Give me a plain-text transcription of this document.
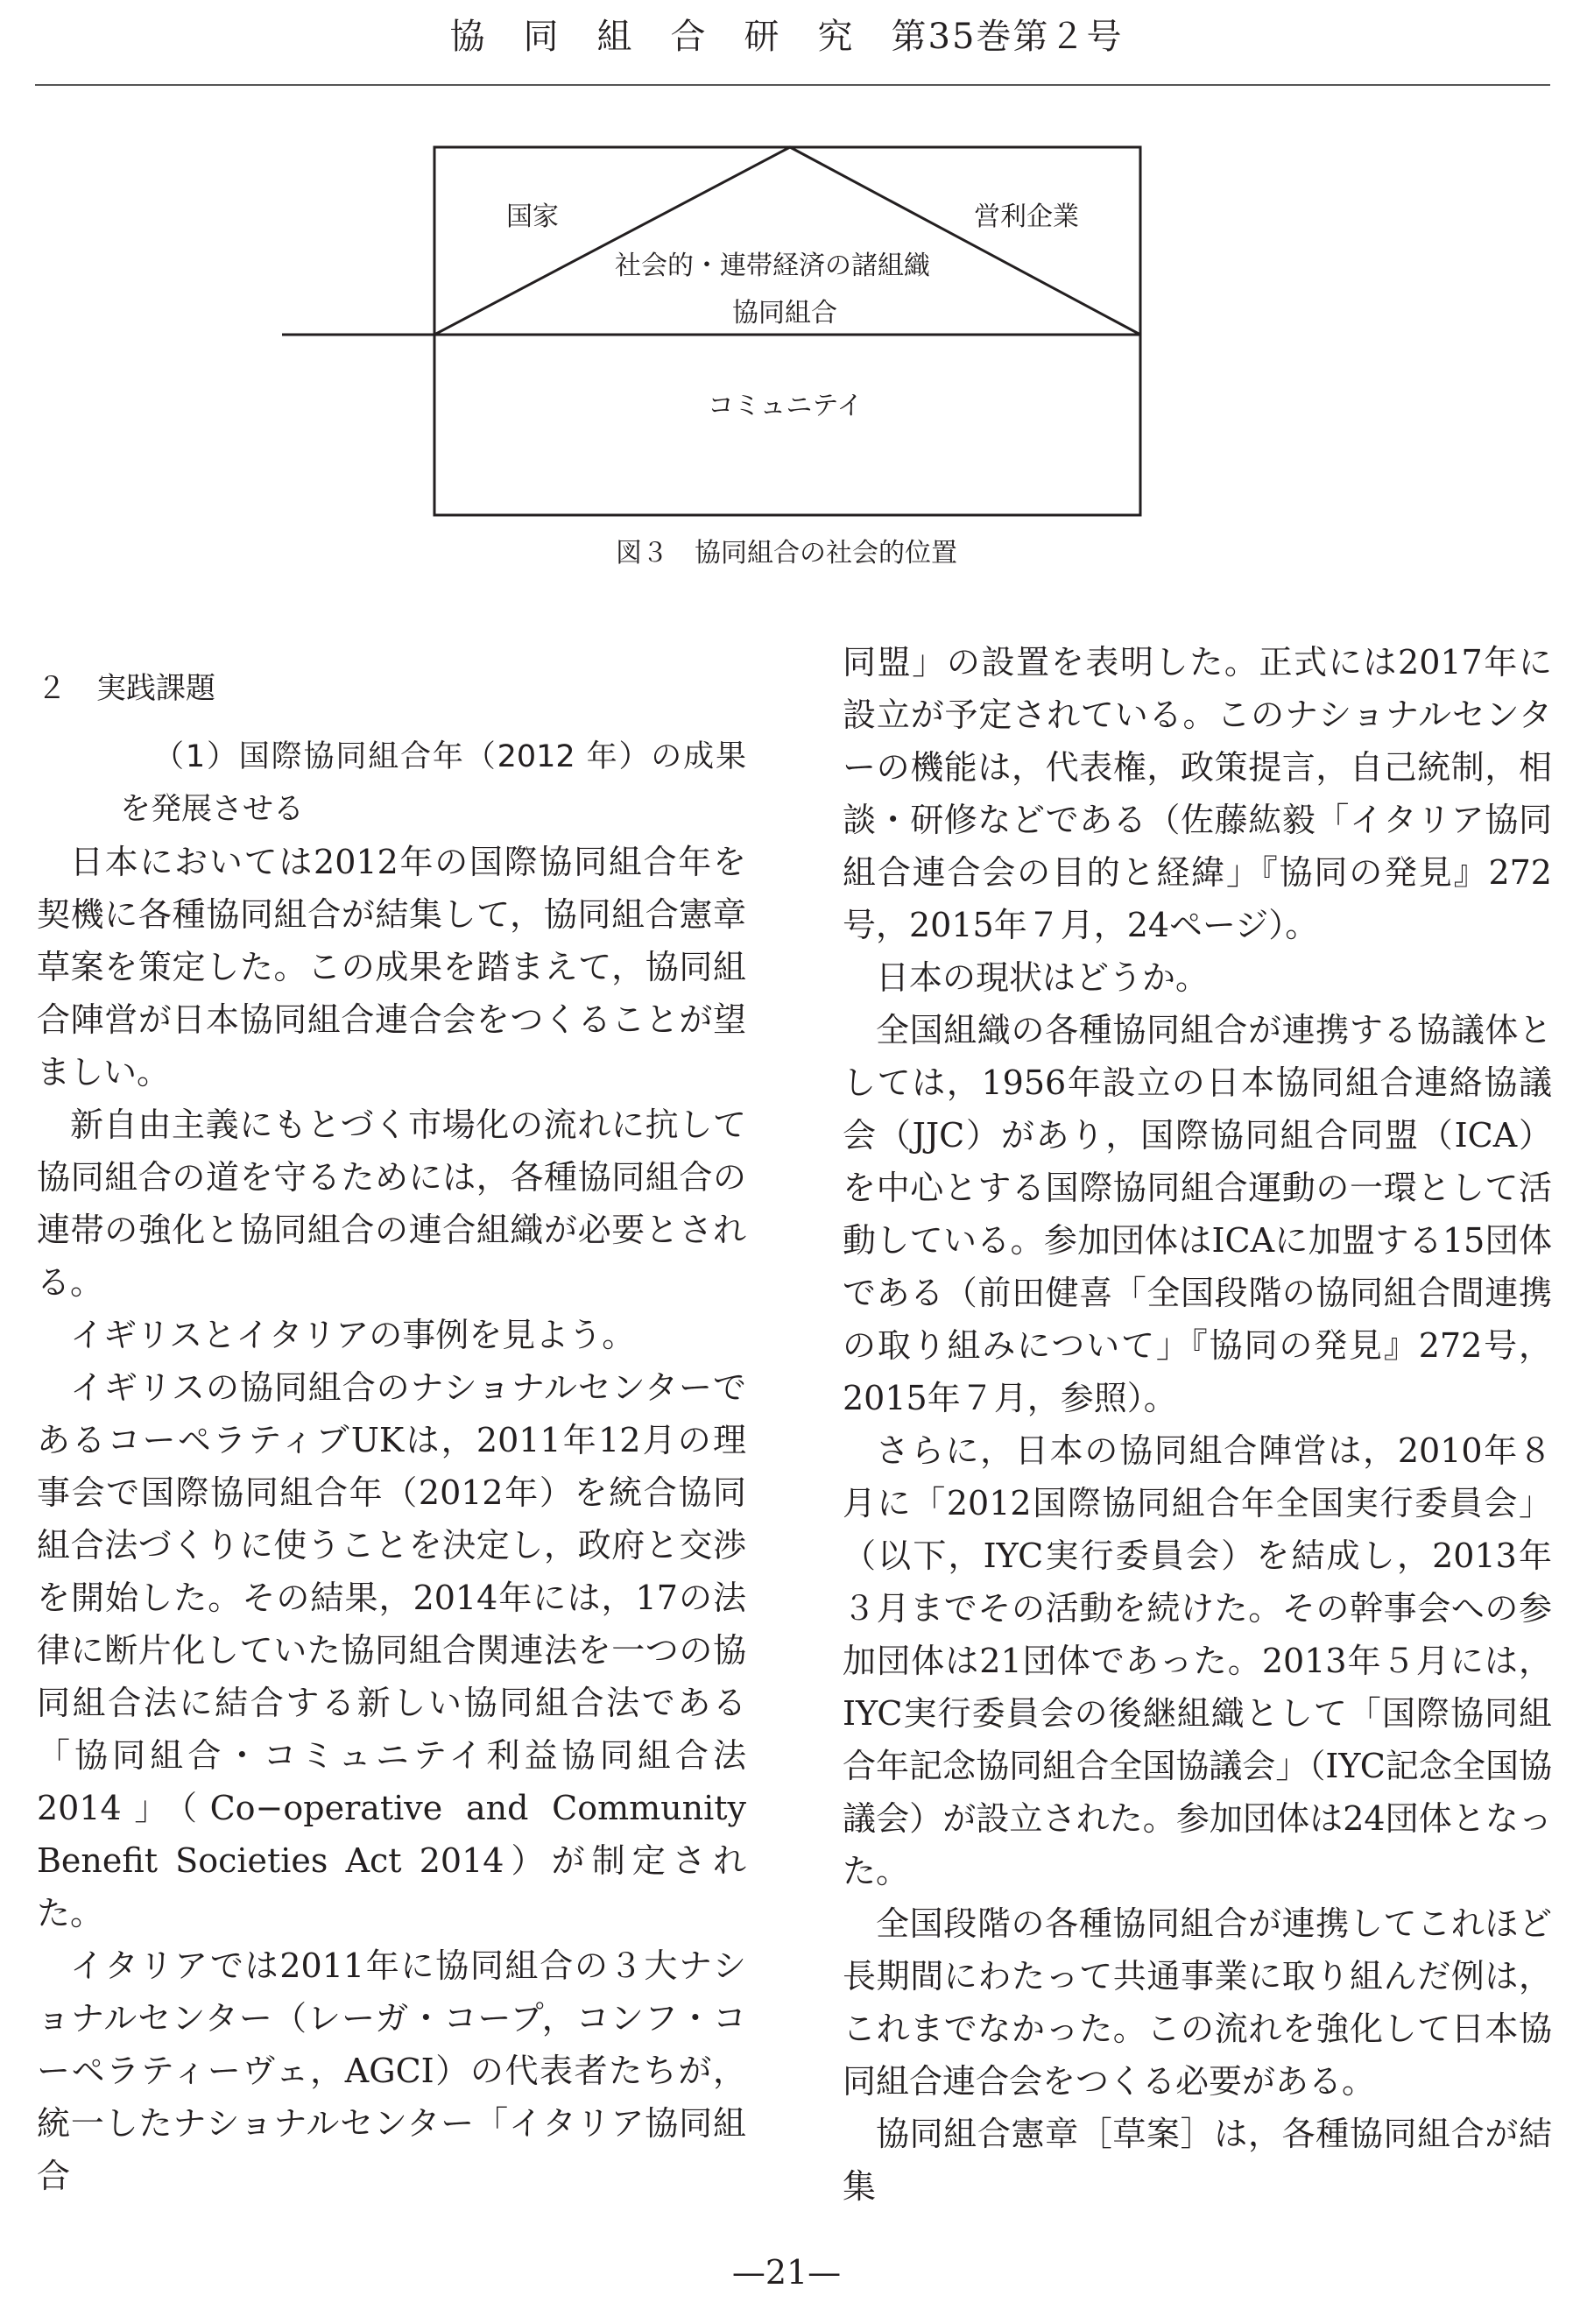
協　同　組　合　研　究　第35巻第２号
国家	営利企業
社会的・連帯経済の諸組織
協同組合
コミュニテイ
図３　協同組合の社会的位置
２　実践課題

（1）国際協同組合年（2012 年）の成果を発展させる

日本においては2012年の国際協同組合年を契機に各種協同組合が結集して，協同組合憲章草案を策定した。この成果を踏まえて，協同組合陣営が日本協同組合連合会をつくることが望ましい。

新自由主義にもとづく市場化の流れに抗して協同組合の道を守るためには，各種協同組合の連帯の強化と協同組合の連合組織が必要とされる。

イギリスとイタリアの事例を見よう。

イギリスの協同組合のナショナルセンターであるコーペラティブUKは，2011年12月の理事会で国際協同組合年（2012年）を統合協同組合法づくりに使うことを決定し，政府と交渉を開始した。その結果，2014年には，17の法律に断片化していた協同組合関連法を一つの協同組合法に結合する新しい協同組合法である「協同組合・コミュニテイ利益協同組合法2014」（Co−operative and Community Benefit Societies Act 2014）が制定された。

イタリアでは2011年に協同組合の３大ナショナルセンター（レーガ・コープ，コンフ・コーペラティーヴェ，AGCI）の代表者たちが，統一したナショナルセンター「イタリア協同組合

同盟」の設置を表明した。正式には2017年に設立が予定されている。このナショナルセンターの機能は，代表権，政策提言，自己統制，相談・研修などである（佐藤紘毅「イタリア協同組合連合会の目的と経緯」『協同の発見』272号，2015年７月，24ページ）。

日本の現状はどうか。

全国組織の各種協同組合が連携する協議体としては，1956年設立の日本協同組合連絡協議会（JJC）があり，国際協同組合同盟（ICA）を中心とする国際協同組合運動の一環として活動している。参加団体はICAに加盟する15団体である（前田健喜「全国段階の協同組合間連携の取り組みについて」『協同の発見』272号，2015年７月，参照）。

さらに，日本の協同組合陣営は，2010年８月に「2012国際協同組合年全国実行委員会」（以下，IYC実行委員会）を結成し，2013年３月までその活動を続けた。その幹事会への参加団体は21団体であった。2013年５月には，IYC実行委員会の後継組織として「国際協同組合年記念協同組合全国協議会」（IYC記念全国協議会）が設立された。参加団体は24団体となった。

全国段階の各種協同組合が連携してこれほど長期間にわたって共通事業に取り組んだ例は，これまでなかった。この流れを強化して日本協同組合連合会をつくる必要がある。

協同組合憲章［草案］は，各種協同組合が結集

—21—
